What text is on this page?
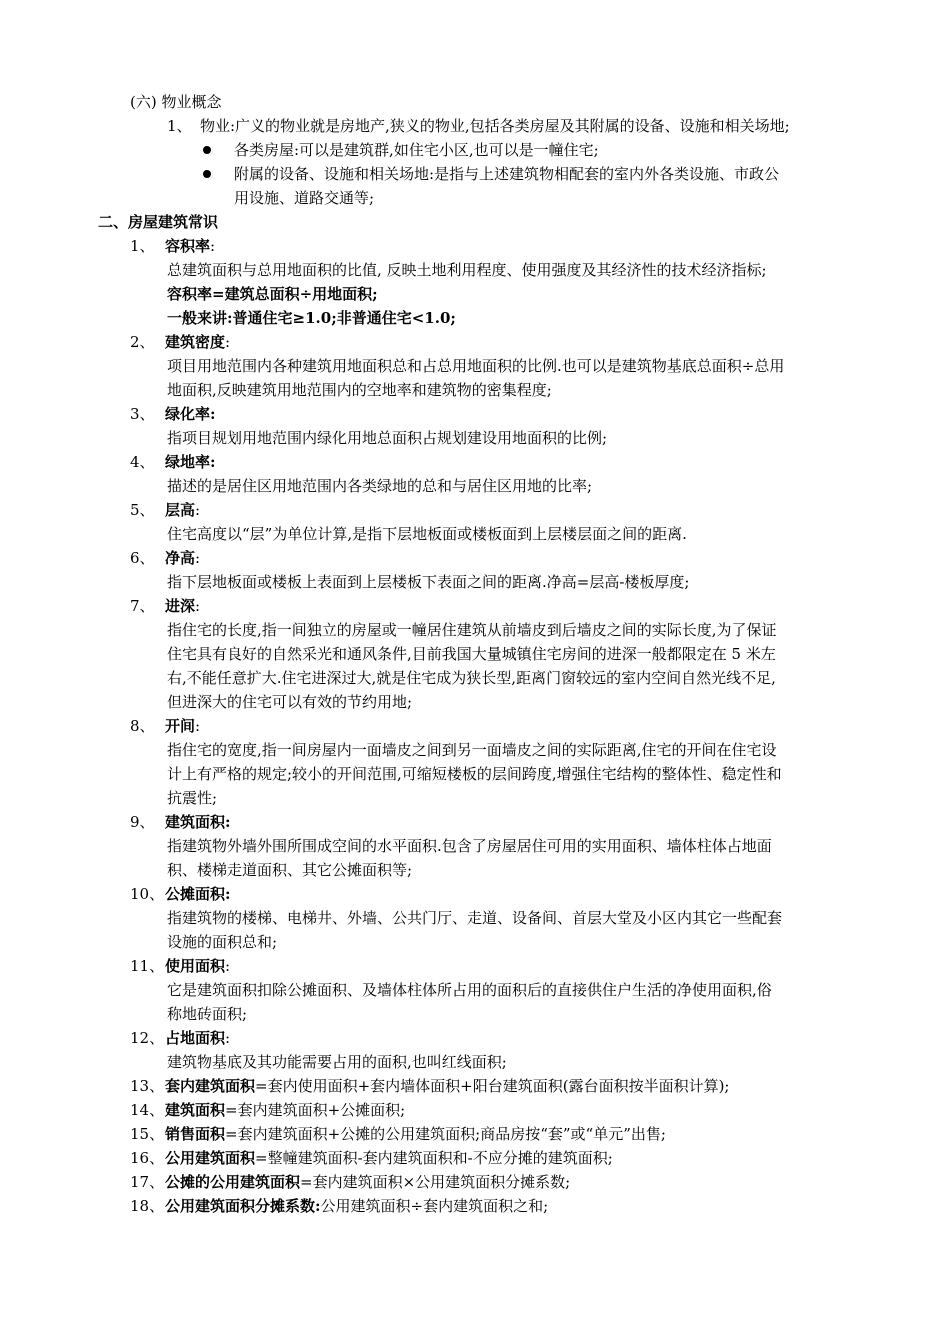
(六) 物业概念
1、 物业:广义的物业就是房地产,狭义的物业,包括各类房屋及其附属的设备、设施和相关场地;
各类房屋:可以是建筑群,如住宅小区,也可以是一幢住宅;
附属的设备、设施和相关场地:是指与上述建筑物相配套的室内外各类设施、市政公
用设施、道路交通等;
二、房屋建筑常识
1、 容积率:
总建筑面积与总用地面积的比值, 反映土地利用程度、使用强度及其经济性的技术经济指标;
容积率=建筑总面积÷用地面积;
一般来讲:普通住宅≥1.0;非普通住宅<1.0;
2、 建筑密度:
项目用地范围内各种建筑用地面积总和占总用地面积的比例.也可以是建筑物基底总面积÷总用
地面积,反映建筑用地范围内的空地率和建筑物的密集程度;
3、 绿化率:
指项目规划用地范围内绿化用地总面积占规划建设用地面积的比例;
4、 绿地率:
描述的是居住区用地范围内各类绿地的总和与居住区用地的比率;
5、 层高:
住宅高度以“层”为单位计算,是指下层地板面或楼板面到上层楼层面之间的距离.
6、 净高:
指下层地板面或楼板上表面到上层楼板下表面之间的距离.净高=层高-楼板厚度;
7、 进深:
指住宅的长度,指一间独立的房屋或一幢居住建筑从前墙皮到后墙皮之间的实际长度,为了保证
住宅具有良好的自然采光和通风条件,目前我国大量城镇住宅房间的进深一般都限定在 5 米左
右,不能任意扩大.住宅进深过大,就是住宅成为狭长型,距离门窗较远的室内空间自然光线不足,
但进深大的住宅可以有效的节约用地;
8、 开间:
指住宅的宽度,指一间房屋内一面墙皮之间到另一面墙皮之间的实际距离,住宅的开间在住宅设
计上有严格的规定;较小的开间范围,可缩短楼板的层间跨度,增强住宅结构的整体性、稳定性和
抗震性;
9、 建筑面积:
指建筑物外墙外围所围成空间的水平面积.包含了房屋居住可用的实用面积、墙体柱体占地面
积、楼梯走道面积、其它公摊面积等;
10、 公摊面积:
指建筑物的楼梯、电梯井、外墙、公共门厅、走道、设备间、首层大堂及小区内其它一些配套
设施的面积总和;
11、 使用面积:
它是建筑面积扣除公摊面积、及墙体柱体所占用的面积后的直接供住户生活的净使用面积,俗
称地砖面积;
12、 占地面积:
建筑物基底及其功能需要占用的面积,也叫红线面积;
13、 套内建筑面积=套内使用面积+套内墙体面积+阳台建筑面积(露台面积按半面积计算);
14、 建筑面积=套内建筑面积+公摊面积;
15、 销售面积=套内建筑面积+公摊的公用建筑面积;商品房按“套”或“单元”出售;
16、 公用建筑面积=整幢建筑面积-套内建筑面积和-不应分摊的建筑面积;
17、 公摊的公用建筑面积=套内建筑面积×公用建筑面积分摊系数;
18、 公用建筑面积分摊系数:公用建筑面积÷套内建筑面积之和;
